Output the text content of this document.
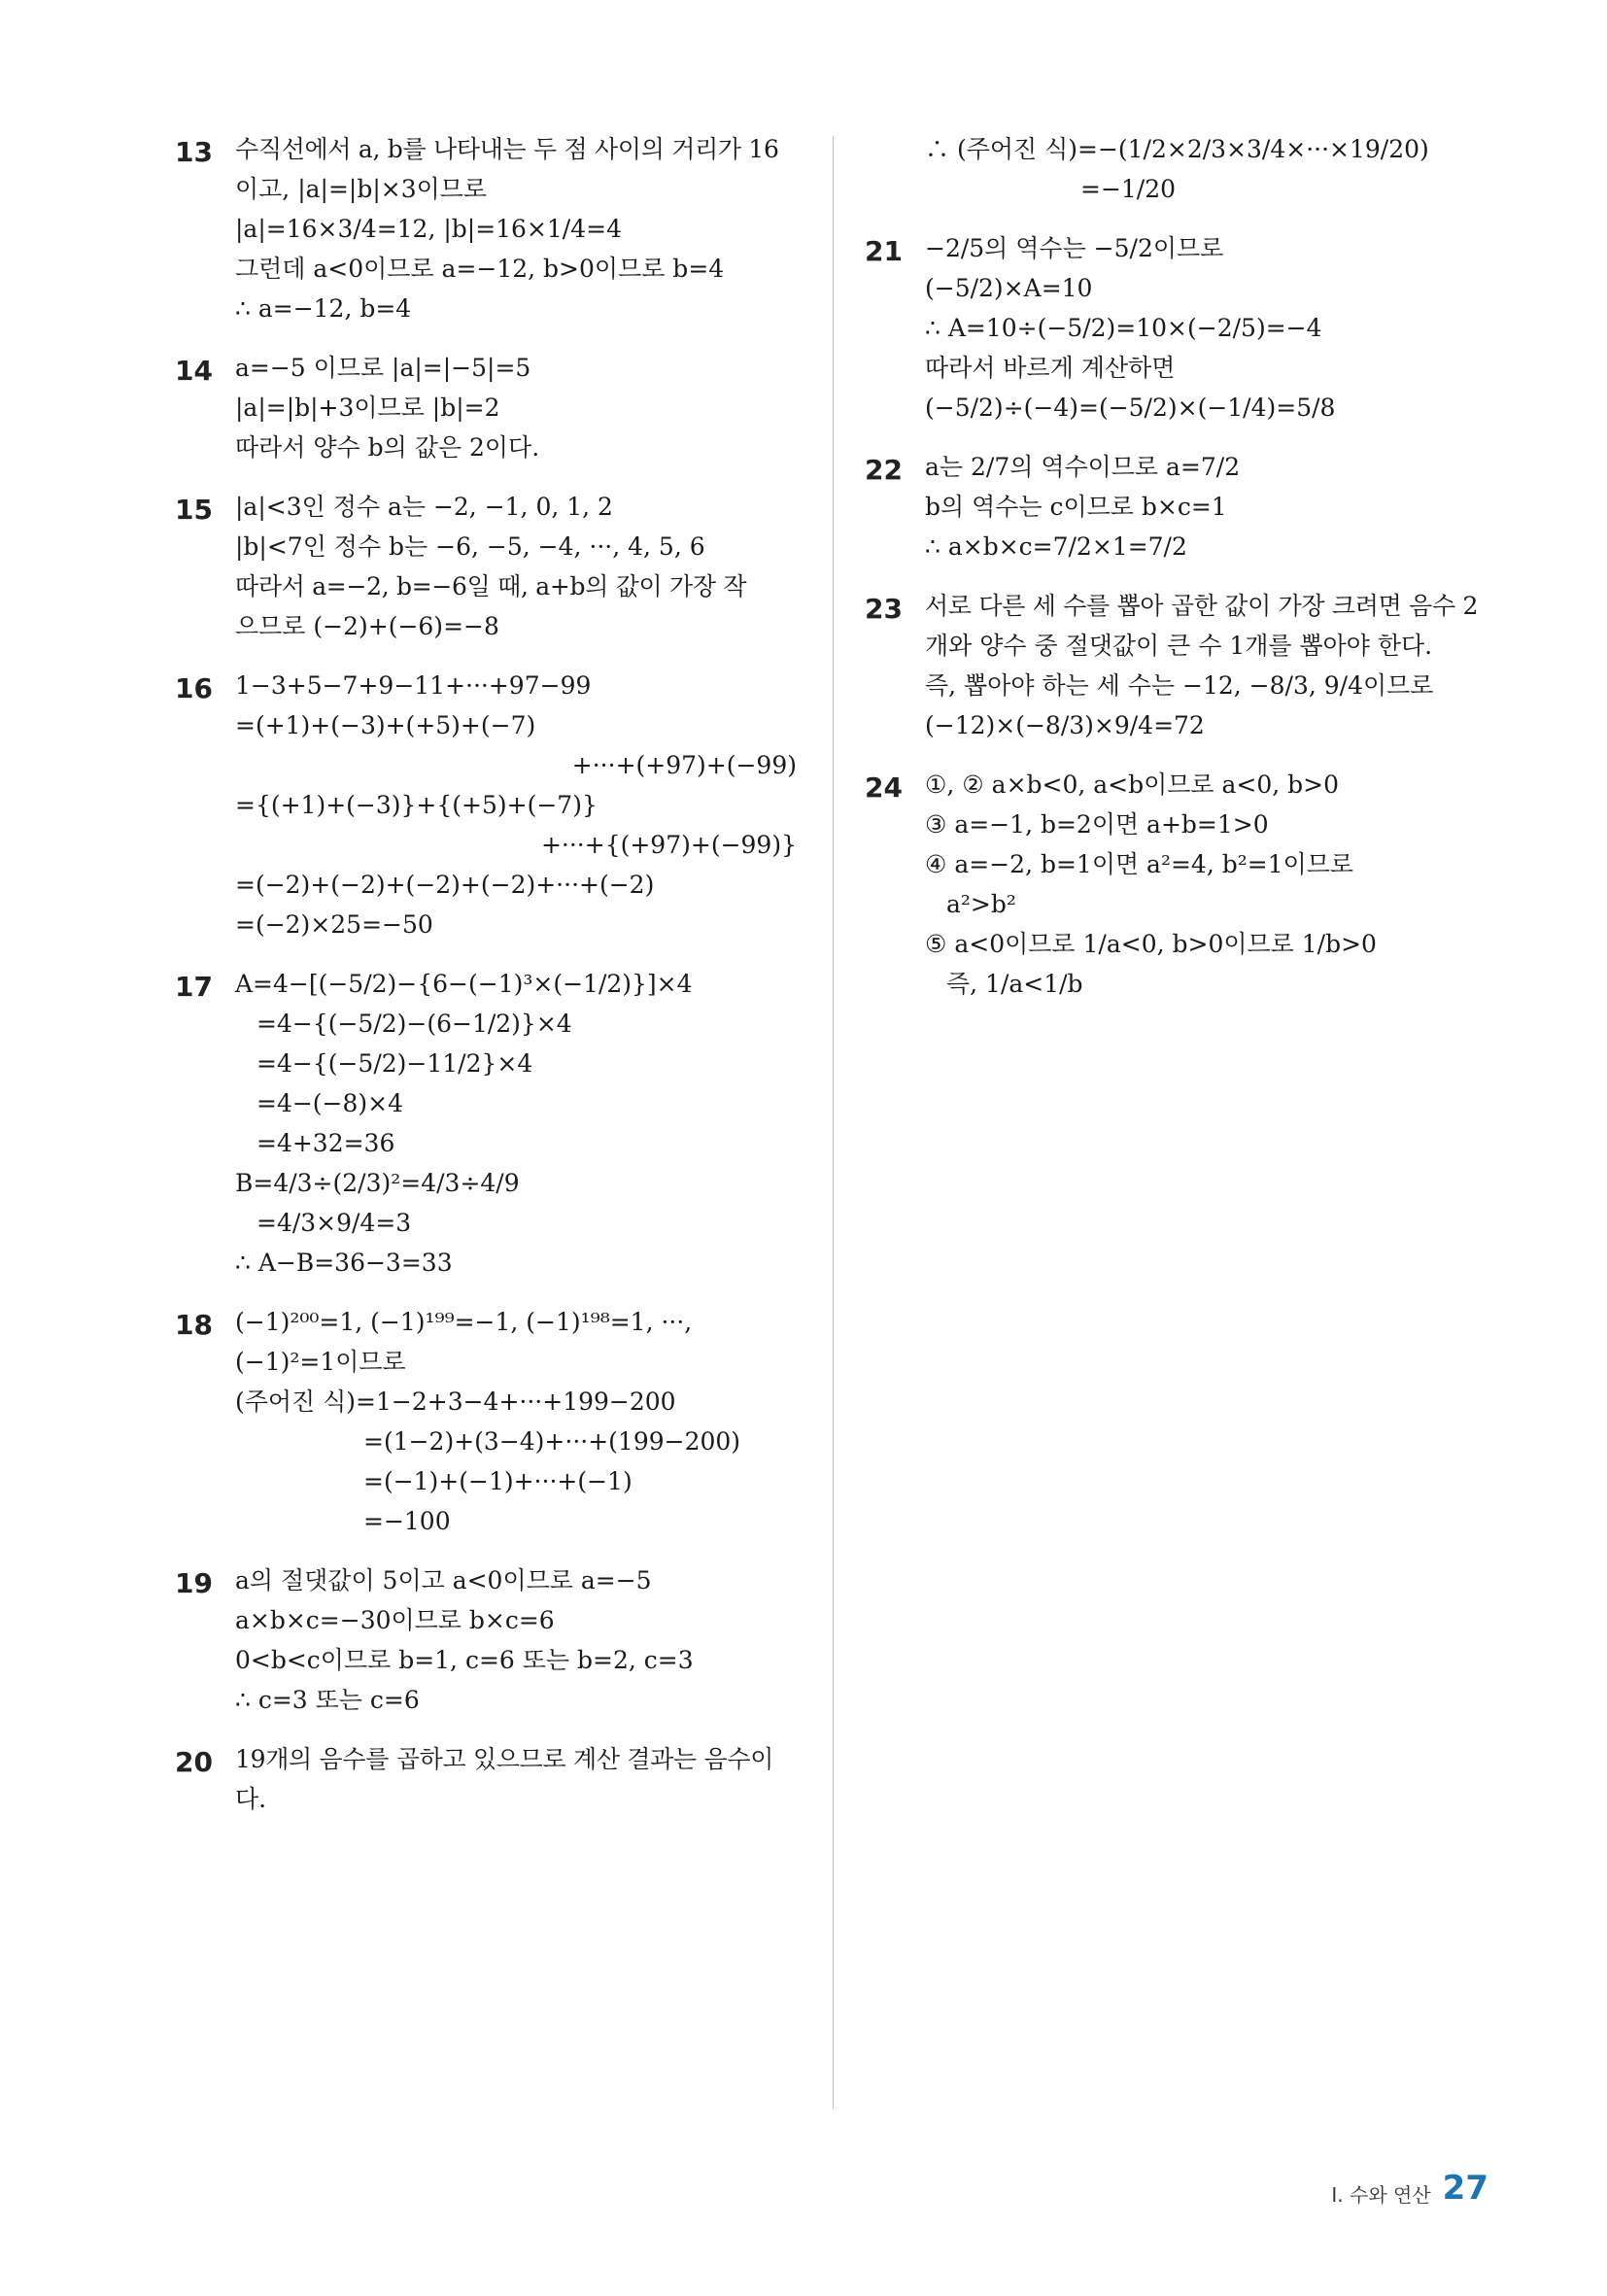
13 수직선에서 a, b를 나타내는 두 점 사이의 거리가 16
이고, |a|=|b|×3이므로
|a|=16×3/4=12, |b|=16×1/4=4
그런데 a<0이므로 a=−12, b>0이므로 b=4
∴ a=−12, b=4
14 a=−5 이므로 |a|=|−5|=5
|a|=|b|+3이므로 |b|=2
따라서 양수 b의 값은 2이다.
15 |a|<3인 정수 a는 −2, −1, 0, 1, 2
|b|<7인 정수 b는 −6, −5, −4, ···, 4, 5, 6
따라서 a=−2, b=−6일 때, a+b의 값이 가장 작
으므로 (−2)+(−6)=−8
16 1−3+5−7+9−11+···+97−99
=(+1)+(−3)+(+5)+(−7)
+···+(+97)+(−99)
={(+1)+(−3)}+{(+5)+(−7)}
+···+{(+97)+(−99)}
=(−2)+(−2)+(−2)+(−2)+···+(−2)
=(−2)×25=−50
17 A=4−[(−5/2)−{6−(−1)³×(−1/2)}]×4
=4−{(−5/2)−(6−1/2)}×4
=4−{(−5/2)−11/2}×4
=4−(−8)×4
=4+32=36
B=4/3÷(2/3)²=4/3÷4/9
=4/3×9/4=3
∴ A−B=36−3=33
18 (−1)²⁰⁰=1, (−1)¹⁹⁹=−1, (−1)¹⁹⁸=1, ···,
(−1)²=1이므로
(주어진 식)=1−2+3−4+···+199−200
=(1−2)+(3−4)+···+(199−200)
=(−1)+(−1)+···+(−1)
=−100
19 a의 절댓값이 5이고 a<0이므로 a=−5
a×b×c=−30이므로 b×c=6
0<b<c이므로 b=1, c=6 또는 b=2, c=3
∴ c=3 또는 c=6
20 19개의 음수를 곱하고 있으므로 계산 결과는 음수이
다.
∴ (주어진 식)=−(1/2×2/3×3/4×···×19/20)
=−1/20
21 −2/5의 역수는 −5/2이므로
(−5/2)×A=10
∴ A=10÷(−5/2)=10×(−2/5)=−4
따라서 바르게 계산하면
(−5/2)÷(−4)=(−5/2)×(−1/4)=5/8
22 a는 2/7의 역수이므로 a=7/2
b의 역수는 c이므로 b×c=1
∴ a×b×c=7/2×1=7/2
23 서로 다른 세 수를 뽑아 곱한 값이 가장 크려면 음수 2
개와 양수 중 절댓값이 큰 수 1개를 뽑아야 한다.
즉, 뽑아야 하는 세 수는 −12, −8/3, 9/4이므로
(−12)×(−8/3)×9/4=72
24 ①, ② a×b<0, a<b이므로 a<0, b>0
③ a=−1, b=2이면 a+b=1>0
④ a=−2, b=1이면 a²=4, b²=1이므로
a²>b²
⑤ a<0이므로 1/a<0, b>0이므로 1/b>0
즉, 1/a<1/b
Ⅰ. 수와 연산 27
